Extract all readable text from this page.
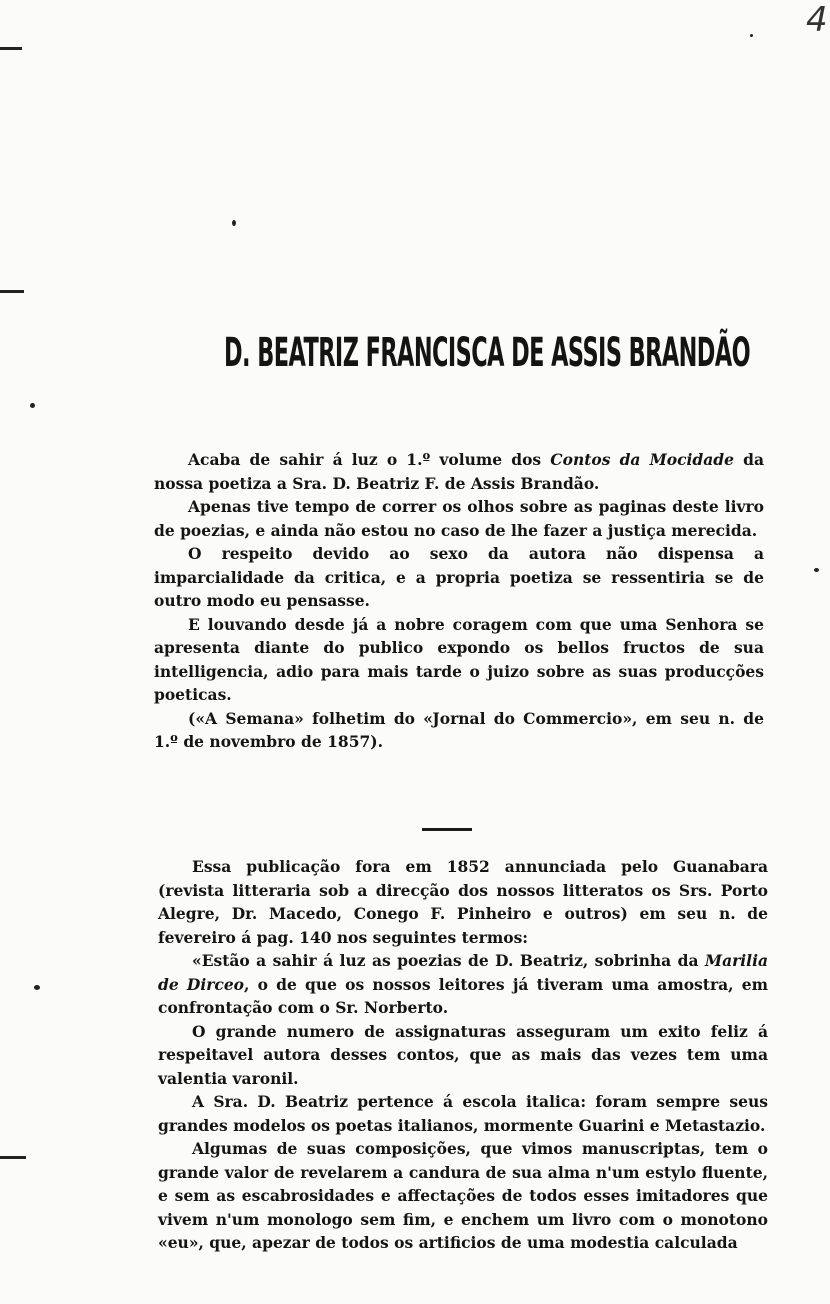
4
D. BEATRIZ FRANCISCA DE ASSIS BRANDÃO

Acaba de sahir á luz o 1.º volume dos Contos da Mocidade da nossa poetiza a Sra. D. Beatriz F. de Assis Brandão.

Apenas tive tempo de correr os olhos sobre as paginas deste livro de poezias, e ainda não estou no caso de lhe fazer a justiça merecida.

O respeito devido ao sexo da autora não dispensa a imparcialidade da critica, e a propria poetiza se ressentiria se de outro modo eu pensasse.

E louvando desde já a nobre coragem com que uma Senhora se apresenta diante do publico expondo os bellos fructos de sua intelligencia, adio para mais tarde o juizo sobre as suas producções poeticas.

(«A Semana» folhetim do «Jornal do Commercio», em seu n. de 1.º de novembro de 1857).

Essa publicação fora em 1852 annunciada pelo Guanabara (revista litteraria sob a direcção dos nossos litteratos os Srs. Porto Alegre, Dr. Macedo, Conego F. Pinheiro e outros) em seu n. de fevereiro á pag. 140 nos seguintes termos:

«Estão a sahir á luz as poezias de D. Beatriz, sobrinha da Marilia de Dirceo, o de que os nossos leitores já tiveram uma amostra, em confrontação com o Sr. Norberto.

O grande numero de assignaturas asseguram um exito feliz á respeitavel autora desses contos, que as mais das vezes tem uma valentia varonil.

A Sra. D. Beatriz pertence á escola italica: foram sempre seus grandes modelos os poetas italianos, mormente Guarini e Metastazio.

Algumas de suas composições, que vimos manuscriptas, tem o grande valor de revelarem a candura de sua alma n'um estylo fluente, e sem as escabrosidades e affectações de todos esses imitadores que vivem n'um monologo sem fim, e enchem um livro com o monotono «eu», que, apezar de todos os artificios de uma modestia calculada
